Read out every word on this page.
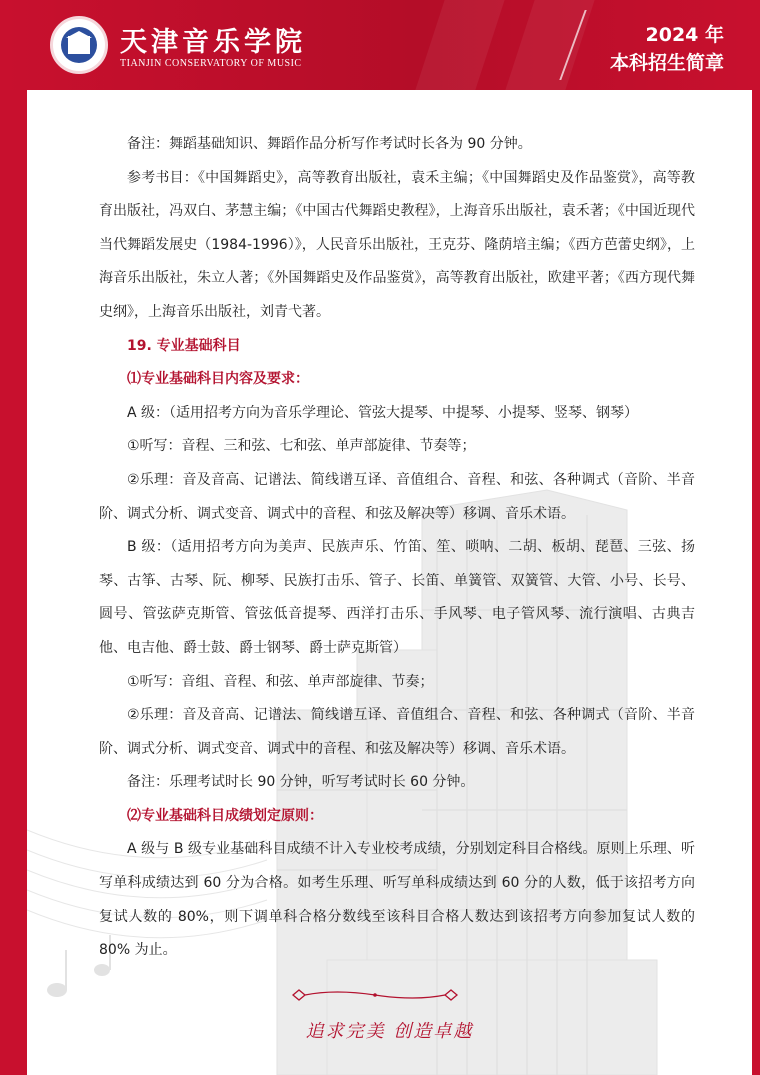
天津音乐学院
TIANJIN CONSERVATORY OF MUSIC
2024 年
本科招生简章

备注：舞蹈基础知识、舞蹈作品分析写作考试时长各为 90 分钟。

参考书目：《中国舞蹈史》，高等教育出版社，袁禾主编；《中国舞蹈史及作品鉴赏》，高等教育出版社，冯双白、茅慧主编；《中国古代舞蹈史教程》，上海音乐出版社，袁禾著；《中国近现代当代舞蹈发展史（1984-1996）》，人民音乐出版社，王克芬、隆荫培主编；《西方芭蕾史纲》，上海音乐出版社，朱立人著；《外国舞蹈史及作品鉴赏》，高等教育出版社，欧建平著；《西方现代舞史纲》，上海音乐出版社，刘青弋著。

19. 专业基础科目

⑴专业基础科目内容及要求：

A 级：（适用招考方向为音乐学理论、管弦大提琴、中提琴、小提琴、竖琴、钢琴）

①听写：音程、三和弦、七和弦、单声部旋律、节奏等；

②乐理：音及音高、记谱法、简线谱互译、音值组合、音程、和弦、各种调式（音阶、半音阶、调式分析、调式变音、调式中的音程、和弦及解决等）移调、音乐术语。

B 级：（适用招考方向为美声、民族声乐、竹笛、笙、唢呐、二胡、板胡、琵琶、三弦、扬琴、古筝、古琴、阮、柳琴、民族打击乐、管子、长笛、单簧管、双簧管、大管、小号、长号、圆号、管弦萨克斯管、管弦低音提琴、西洋打击乐、手风琴、电子管风琴、流行演唱、古典吉他、电吉他、爵士鼓、爵士钢琴、爵士萨克斯管）

①听写：音组、音程、和弦、单声部旋律、节奏；

②乐理：音及音高、记谱法、简线谱互译、音值组合、音程、和弦、各种调式（音阶、半音阶、调式分析、调式变音、调式中的音程、和弦及解决等）移调、音乐术语。

备注：乐理考试时长 90 分钟，听写考试时长 60 分钟。

⑵专业基础科目成绩划定原则：

A 级与 B 级专业基础科目成绩不计入专业校考成绩，分别划定科目合格线。原则上乐理、听写单科成绩达到 60 分为合格。如考生乐理、听写单科成绩达到 60 分的人数，低于该招考方向复试人数的 80%，则下调单科合格分数线至该科目合格人数达到该招考方向参加复试人数的 80% 为止。

追求完美 创造卓越
